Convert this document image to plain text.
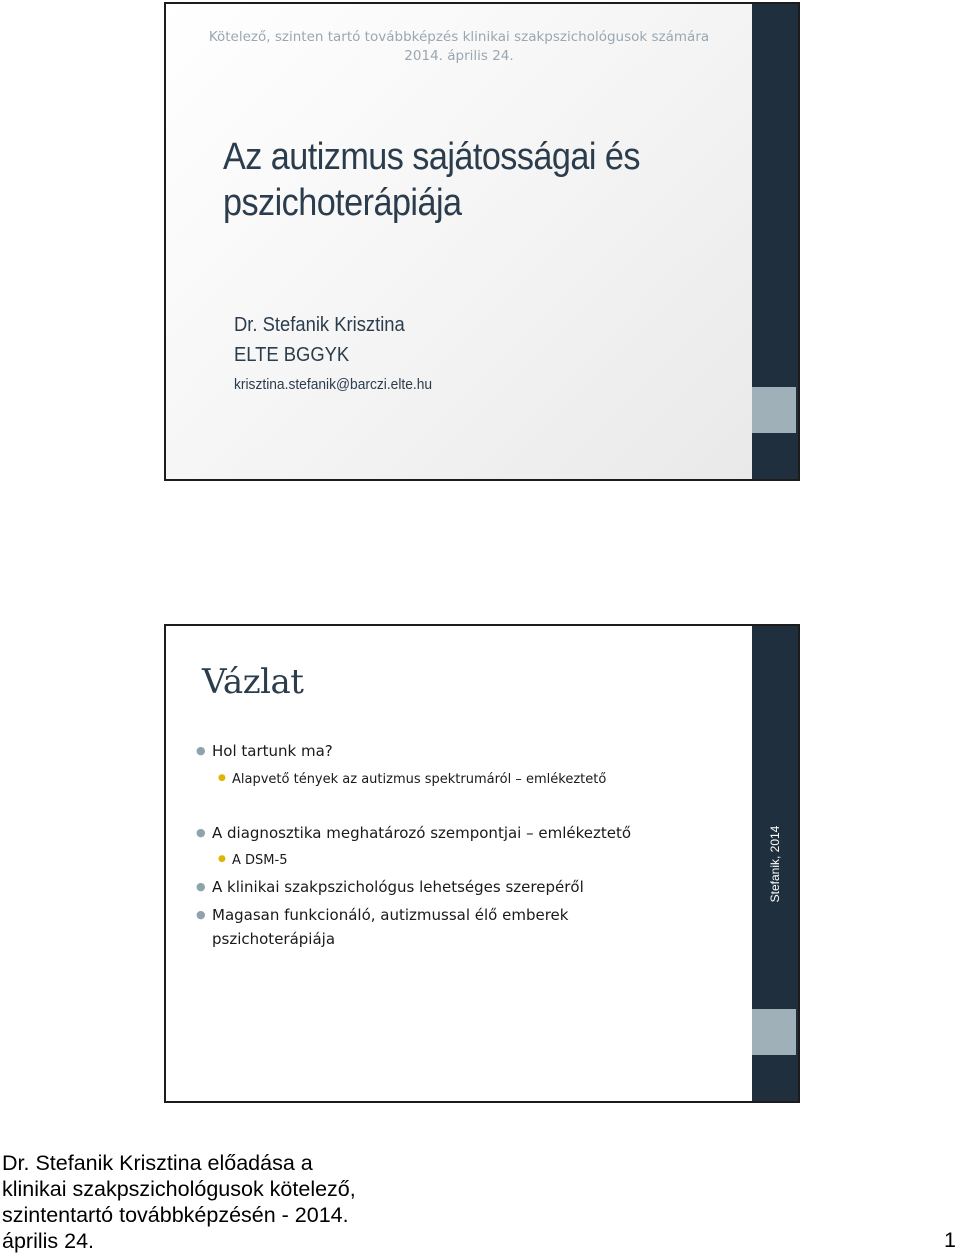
Kötelező, szinten tartó továbbképzés klinikai szakpszichológusok számára
2014. április 24.
Az autizmus sajátosságai és
pszichoterápiája
Dr. Stefanik Krisztina
ELTE BGGYK
krisztina.stefanik@barczi.elte.hu
Vázlat
● Hol tartunk ma?
● Alapvető tények az autizmus spektrumáról – emlékeztető
● A diagnosztika meghatározó szempontjai – emlékeztető
● A DSM-5
● A klinikai szakpszichológus lehetséges szerepéről
● Magasan funkcionáló, autizmussal élő emberek
pszichoterápiája
Stefanik, 2014
Dr. Stefanik Krisztina előadása a
klinikai szakpszichológusok kötelező,
szintentartó továbbképzésén - 2014.
április 24.	1
